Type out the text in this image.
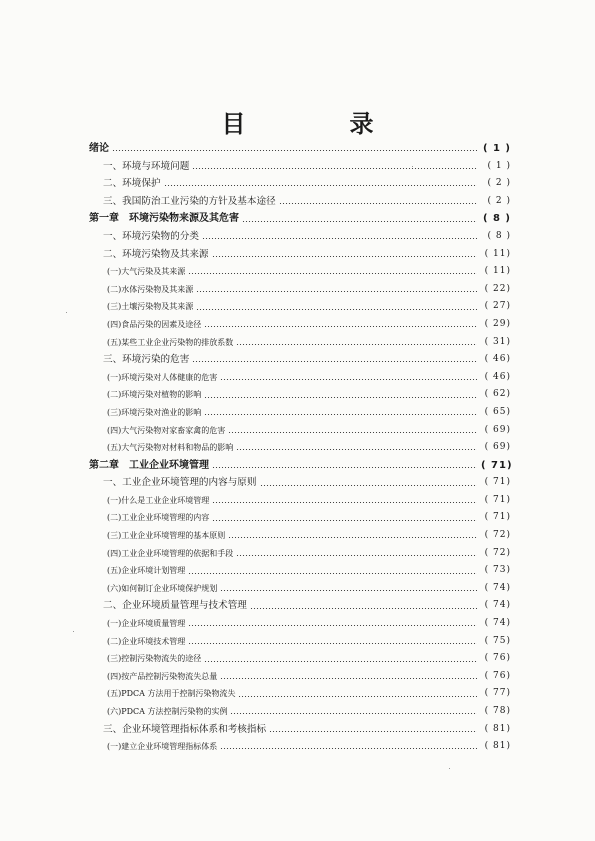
目　录
绪论	( 1 )
一、环境与环境问题	( 1 )
二、环境保护	( 2 )
三、我国防治工业污染的方针及基本途径	( 2 )
第一章　环境污染物来源及其危害	( 8 )
一、环境污染物的分类	( 8 )
二、环境污染物及其来源	( 11)
(一)大气污染及其来源	( 11)
(二)水体污染物及其来源	( 22)
(三)土壤污染物及其来源	( 27)
(四)食品污染的因素及途径	( 29)
(五)某些工业企业污染物的排放系数	( 31)
三、环境污染的危害	( 46)
(一)环境污染对人体健康的危害	( 46)
(二)环境污染对植物的影响	( 62)
(三)环境污染对渔业的影响	( 65)
(四)大气污染物对家畜家禽的危害	( 69)
(五)大气污染物对材料和物品的影响	( 69)
第二章　工业企业环境管理	( 71)
一、工业企业环境管理的内容与原则	( 71)
(一)什么是工业企业环境管理	( 71)
(二)工业企业环境管理的内容	( 71)
(三)工业企业环境管理的基本原则	( 72)
(四)工业企业环境管理的依据和手段	( 72)
(五)企业环境计划管理	( 73)
(六)如何制订企业环境保护规划	( 74)
二、企业环境质量管理与技术管理	( 74)
(一)企业环境质量管理	( 74)
(二)企业环境技术管理	( 75)
(三)控制污染物流失的途径	( 76)
(四)按产品控制污染物流失总量	( 76)
(五)PDCA 方法用于控制污染物流失	( 77)
(六)PDCA 方法控制污染物的实例	( 78)
三、企业环境管理指标体系和考核指标	( 81)
(一)建立企业环境管理指标体系	( 81)
